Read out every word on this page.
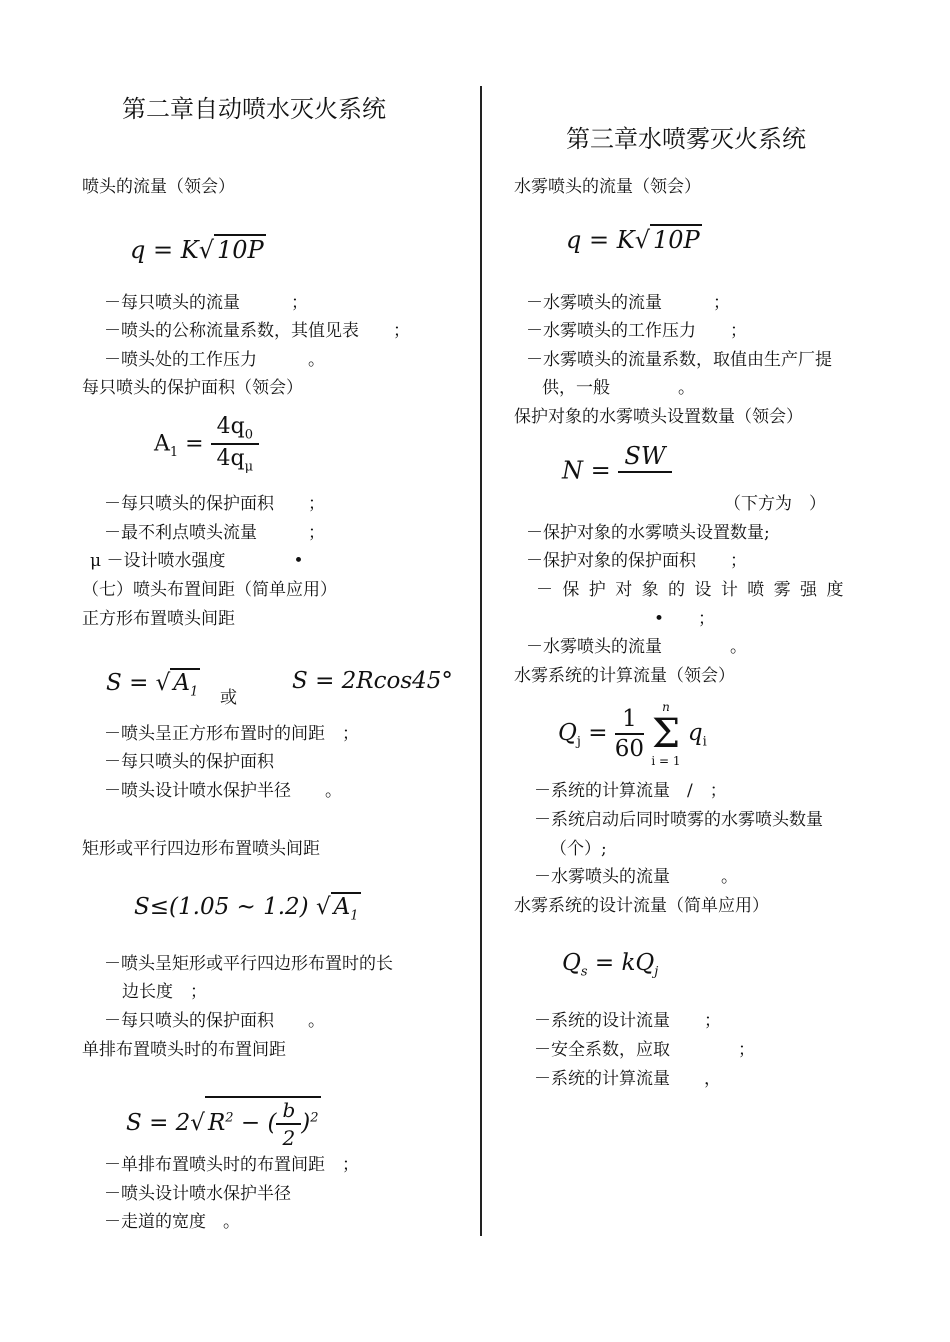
第二章自动喷水灭火系统
喷头的流量（领会）
q = K√ 10P
－每只喷头的流量　　　；
－喷头的公称流量系数，其值见表　　；
－喷头处的工作压力　　　。
每只喷头的保护面积（领会）
$A_1 = \frac{4q_0}{4q_\mu}$
－每只喷头的保护面积　　；
－最不利点喷头流量　　　；
μ －设计喷水强度　　　　•
（七）喷头布置间距（简单应用）
正方形布置喷头间距
S = √ $A_1$ 或
S = 2Rcos45°
－喷头呈正方形布置时的间距　；
－每只喷头的保护面积
－喷头设计喷水保护半径　　。
矩形或平行四边形布置喷头间距
S≤(1.05 ~ 1.2) √ $A_1$
－喷头呈矩形或平行四边形布置时的长
边长度　；
－每只喷头的保护面积　　。
单排布置喷头时的布置间距
S = 2√ $R^2$ − ( $\frac{b}{2} )^2$
－单排布置喷头时的布置间距　；
－喷头设计喷水保护半径
－走道的宽度　。
第三章水喷雾灭火系统
水雾喷头的流量（领会）
q = K√ 10P
－水雾喷头的流量　　　；
－水雾喷头的工作压力　　；
－水雾喷头的流量系数，取值由生产厂提
供，一般　　　　。
保护对象的水雾喷头设置数量（领会）
N =
SW

（下方为　）
－保护对象的水雾喷头设置数量;
－保护对象的保护面积　　；
－ 保 护 对 象 的 设 计 喷 雾 强 度
•　　；
－水雾喷头的流量　　　　。
水雾系统的计算流量（领会）
$Q_j = \frac{1}{60}$
	n
Σ
i = 1
$q_i$
－系统的计算流量　/　；
－系统启动后同时喷雾的水雾喷头数量
（个）;
－水雾喷头的流量　　　。
水雾系统的设计流量（简单应用）
$Q_s = kQ_j$
－系统的设计流量　　；
－安全系数，应取　　　　；
－系统的计算流量　　，
